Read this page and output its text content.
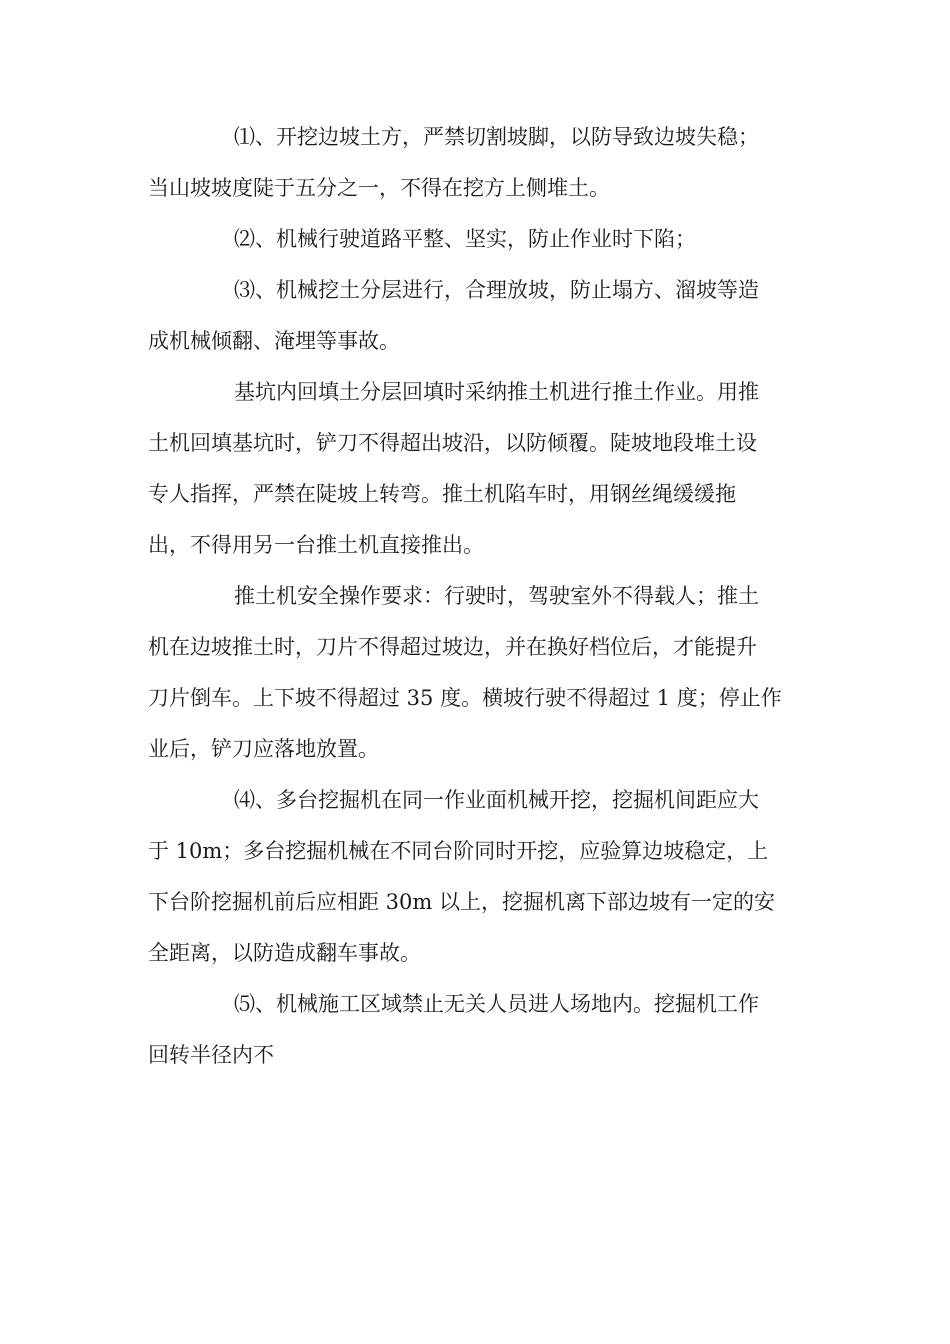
⑴、开挖边坡土方，严禁切割坡脚，以防导致边坡失稳；
当山坡坡度陡于五分之一，不得在挖方上侧堆土。

⑵、机械行驶道路平整、坚实，防止作业时下陷；

⑶、机械挖土分层进行，合理放坡，防止塌方、溜坡等造
成机械倾翻、淹埋等事故。

基坑内回填土分层回填时采纳推土机进行推土作业。用推
土机回填基坑时，铲刀不得超出坡沿，以防倾覆。陡坡地段堆土设
专人指挥，严禁在陡坡上转弯。推土机陷车时，用钢丝绳缓缓拖
出，不得用另一台推土机直接推出。

推土机安全操作要求：行驶时，驾驶室外不得载人；推土
机在边坡推土时，刀片不得超过坡边，并在换好档位后，才能提升
刀片倒车。上下坡不得超过 35 度。横坡行驶不得超过 1 度；停止作
业后，铲刀应落地放置。

⑷、多台挖掘机在同一作业面机械开挖，挖掘机间距应大
于 10m；多台挖掘机械在不同台阶同时开挖，应验算边坡稳定，上
下台阶挖掘机前后应相距 30m 以上，挖掘机离下部边坡有一定的安
全距离，以防造成翻车事故。

⑸、机械施工区域禁止无关人员进人场地内。挖掘机工作
回转半径内不
